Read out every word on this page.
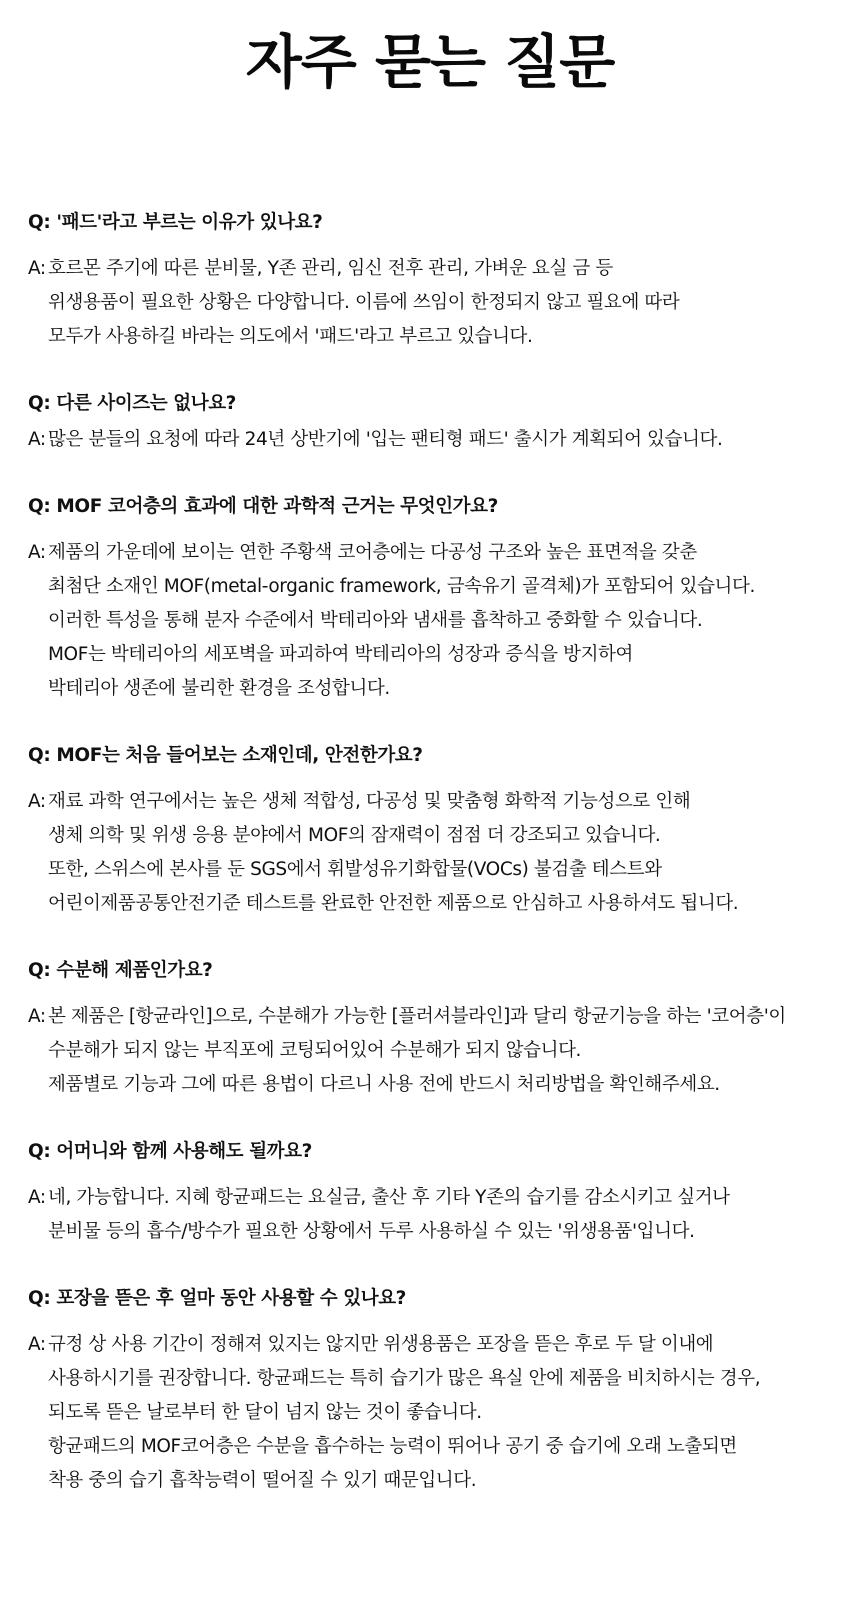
자주 묻는 질문
Q: '패드'라고 부르는 이유가 있나요?
A: 호르몬 주기에 따른 분비물, Y존 관리, 임신 전후 관리, 가벼운 요실 금 등
위생용품이 필요한 상황은 다양합니다. 이름에 쓰임이 한정되지 않고 필요에 따라
모두가 사용하길 바라는 의도에서 '패드'라고 부르고 있습니다.
Q: 다른 사이즈는 없나요?
A: 많은 분들의 요청에 따라 24년 상반기에 '입는 팬티형 패드' 출시가 계획되어 있습니다.
Q: MOF 코어층의 효과에 대한 과학적 근거는 무엇인가요?
A: 제품의 가운데에 보이는 연한 주황색 코어층에는 다공성 구조와 높은 표면적을 갖춘
최첨단 소재인 MOF(metal-organic framework, 금속유기 골격체)가 포함되어 있습니다.
이러한 특성을 통해 분자 수준에서 박테리아와 냄새를 흡착하고 중화할 수 있습니다.
MOF는 박테리아의 세포벽을 파괴하여 박테리아의 성장과 증식을 방지하여
박테리아 생존에 불리한 환경을 조성합니다.
Q: MOF는 처음 들어보는 소재인데, 안전한가요?
A: 재료 과학 연구에서는 높은 생체 적합성, 다공성 및 맞춤형 화학적 기능성으로 인해
생체 의학 및 위생 응용 분야에서 MOF의 잠재력이 점점 더 강조되고 있습니다.
또한, 스위스에 본사를 둔 SGS에서 휘발성유기화합물(VOCs) 불검출 테스트와
어린이제품공통안전기준 테스트를 완료한 안전한 제품으로 안심하고 사용하셔도 됩니다.
Q: 수분해 제품인가요?
A: 본 제품은 [항균라인]으로, 수분해가 가능한 [플러셔블라인]과 달리 항균기능을 하는 '코어층'이
수분해가 되지 않는 부직포에 코팅되어있어 수분해가 되지 않습니다.
제품별로 기능과 그에 따른 용법이 다르니 사용 전에 반드시 처리방법을 확인해주세요.
Q: 어머니와 함께 사용해도 될까요?
A: 네, 가능합니다. 지혜 항균패드는 요실금, 출산 후 기타 Y존의 습기를 감소시키고 싶거나
분비물 등의 흡수/방수가 필요한 상황에서 두루 사용하실 수 있는 '위생용품'입니다.
Q: 포장을 뜯은 후 얼마 동안 사용할 수 있나요?
A: 규정 상 사용 기간이 정해져 있지는 않지만 위생용품은 포장을 뜯은 후로 두 달 이내에
사용하시기를 권장합니다. 항균패드는 특히 습기가 많은 욕실 안에 제품을 비치하시는 경우,
되도록 뜯은 날로부터 한 달이 넘지 않는 것이 좋습니다.
항균패드의 MOF코어층은 수분을 흡수하는 능력이 뛰어나 공기 중 습기에 오래 노출되면
착용 중의 습기 흡착능력이 떨어질 수 있기 때문입니다.
